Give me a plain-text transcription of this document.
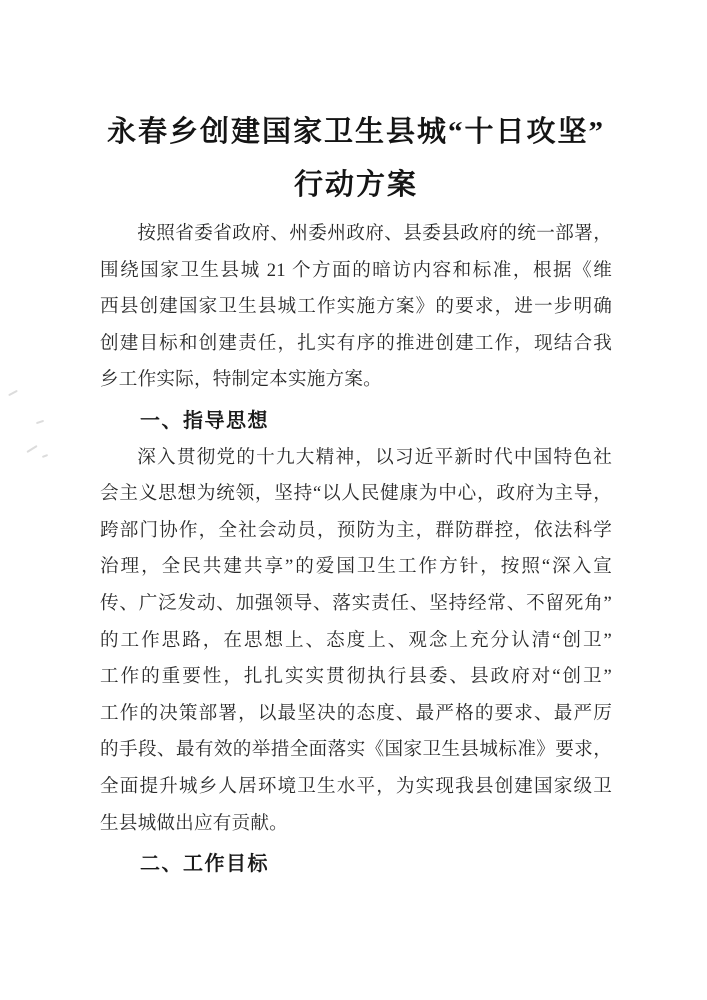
永春乡创建国家卫生县城“十日攻坚”
行动方案
按照省委省政府、州委州政府、县委县政府的统一部署，
围绕国家卫生县城 21 个方面的暗访内容和标准，根据《维
西县创建国家卫生县城工作实施方案》的要求，进一步明确
创建目标和创建责任，扎实有序的推进创建工作，现结合我
乡工作实际，特制定本实施方案。
一、指导思想
深入贯彻党的十九大精神，以习近平新时代中国特色社
会主义思想为统领，坚持“以人民健康为中心，政府为主导，
跨部门协作，全社会动员，预防为主，群防群控，依法科学
治理，全民共建共享”的爱国卫生工作方针，按照“深入宣
传、广泛发动、加强领导、落实责任、坚持经常、不留死角”
的工作思路，在思想上、态度上、观念上充分认清“创卫”
工作的重要性，扎扎实实贯彻执行县委、县政府对“创卫”
工作的决策部署，以最坚决的态度、最严格的要求、最严厉
的手段、最有效的举措全面落实《国家卫生县城标准》要求，
全面提升城乡人居环境卫生水平，为实现我县创建国家级卫
生县城做出应有贡献。
二、工作目标
